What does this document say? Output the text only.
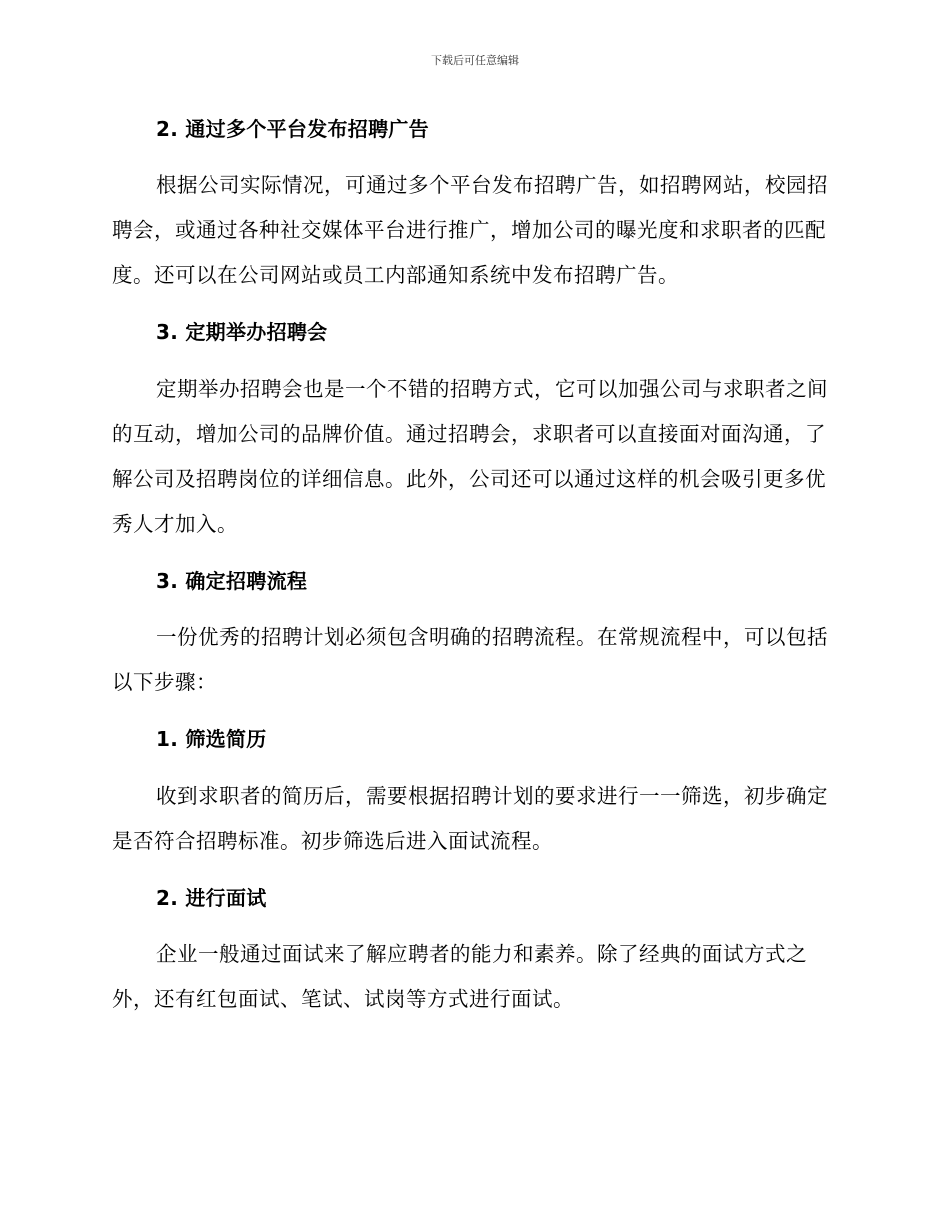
下载后可任意编辑
2. 通过多个平台发布招聘广告

根据公司实际情况，可通过多个平台发布招聘广告，如招聘网站，校园招聘会，或通过各种社交媒体平台进行推广，增加公司的曝光度和求职者的匹配度。还可以在公司网站或员工内部通知系统中发布招聘广告。

3. 定期举办招聘会

定期举办招聘会也是一个不错的招聘方式，它可以加强公司与求职者之间的互动，增加公司的品牌价值。通过招聘会，求职者可以直接面对面沟通，了解公司及招聘岗位的详细信息。此外，公司还可以通过这样的机会吸引更多优秀人才加入。

3. 确定招聘流程

一份优秀的招聘计划必须包含明确的招聘流程。在常规流程中，可以包括以下步骤：

1. 筛选简历

收到求职者的简历后，需要根据招聘计划的要求进行一一筛选，初步确定是否符合招聘标准。初步筛选后进入面试流程。

2. 进行面试

企业一般通过面试来了解应聘者的能力和素养。除了经典的面试方式之外，还有红包面试、笔试、试岗等方式进行面试。
